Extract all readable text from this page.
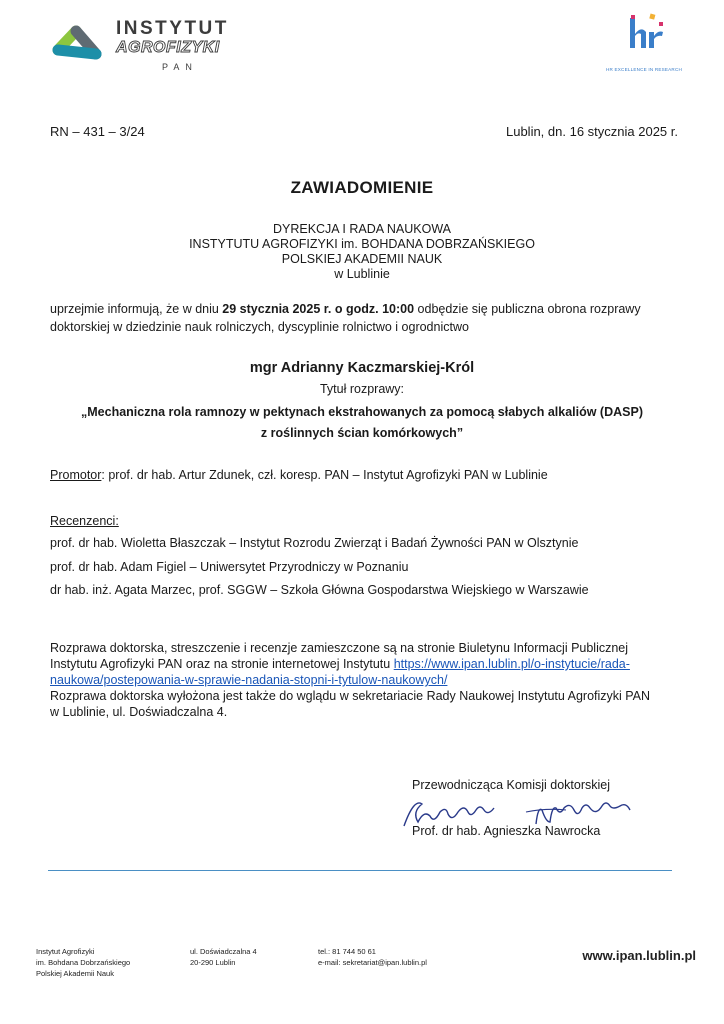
INSTYTUT
AGROFIZYKI
PAN	HR EXCELLENCE IN RESEARCH
RN – 431 – 3/24	Lublin, dn. 16 stycznia 2025 r.
ZAWIADOMIENIE
DYREKCJA I RADA NAUKOWA
INSTYTUTU AGROFIZYKI im. BOHDANA DOBRZAŃSKIEGO
POLSKIEJ AKADEMII NAUK
w Lublinie
uprzejmie informują, że w dniu 29 stycznia 2025 r. o godz. 10:00 odbędzie się publiczna obrona rozprawy doktorskiej w dziedzinie nauk rolniczych, dyscyplinie rolnictwo i ogrodnictwo
mgr Adrianny Kaczmarskiej-Król
Tytuł rozprawy:
„Mechaniczna rola ramnozy w pektynach ekstrahowanych za pomocą słabych alkaliów (DASP)
z roślinnych ścian komórkowych”
Promotor: prof. dr hab. Artur Zdunek, czł. koresp. PAN – Instytut Agrofizyki PAN w Lublinie
Recenzenci:
prof. dr hab. Wioletta Błaszczak – Instytut Rozrodu Zwierząt i Badań Żywności PAN w Olsztynie
prof. dr hab. Adam Figiel – Uniwersytet Przyrodniczy w Poznaniu
dr hab. inż. Agata Marzec, prof. SGGW – Szkoła Główna Gospodarstwa Wiejskiego w Warszawie
Rozprawa doktorska, streszczenie i recenzje zamieszczone są na stronie Biuletynu Informacji Publicznej
Instytutu Agrofizyki PAN oraz na stronie internetowej Instytutu https://www.ipan.lublin.pl/o-instytucie/rada-
naukowa/postepowania-w-sprawie-nadania-stopni-i-tytulow-naukowych/
Rozprawa doktorska wyłożona jest także do wglądu w sekretariacie Rady Naukowej Instytutu Agrofizyki PAN
w Lublinie, ul. Doświadczalna 4.
Przewodnicząca Komisji doktorskiej
Prof. dr hab. Agnieszka Nawrocka
Instytut Agrofizyki
im. Bohdana Dobrzańskiego
Polskiej Akademii Nauk
ul. Doświadczalna 4
20-290 Lublin
tel.: 81 744 50 61
e-mail: sekretariat@ipan.lublin.pl	www.ipan.lublin.pl
